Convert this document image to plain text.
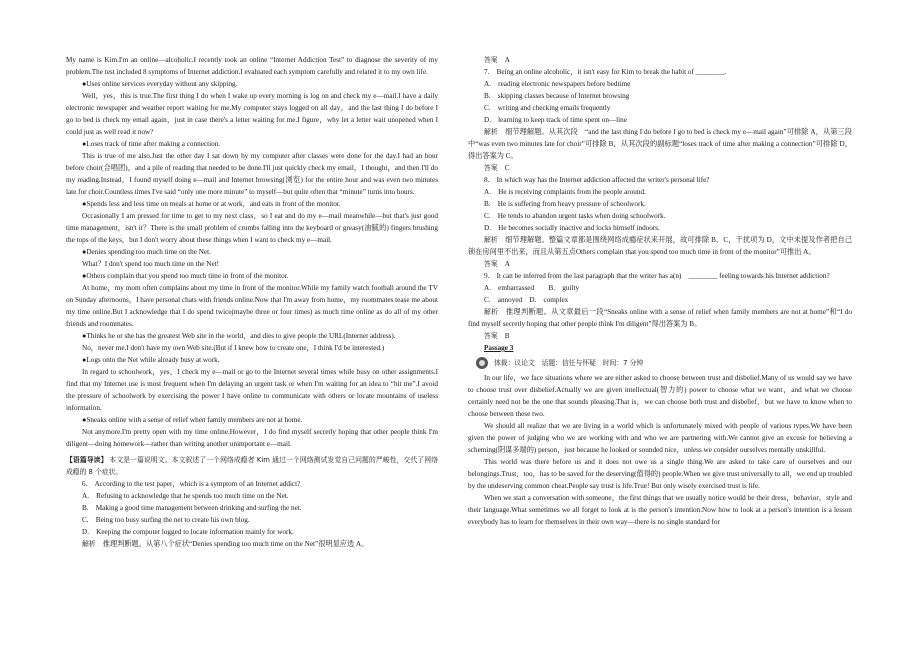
My name is Kim.I'm an online—alcoholic.I recently took an online “Internet Addiction Test” to diagnose the severity of my problem.The test included 8 symptoms of Internet addiction.I evaluated each symptom carefully and related it to my own life.

●Uses online services everyday without any skipping.

Well，yes，this is true.The first thing I do when I wake up every morning is log on and check my e—mail.I have a daily electronic newspaper and weather report waiting for me.My computer stays logged on all day，and the last thing I do before I go to bed is check my email again，just in case there's a letter waiting for me.I figure，why let a letter wait unopened when I could just as well read it now?

●Loses track of time after making a connection.

This is true of me also.Just the other day I sat down by my computer after classes were done for the day.I had an hour before choir(合唱团)，and a pile of reading that needed to be done.I'll just quickly check my email，I thought，and then I'll do my reading.Instead，I found myself doing e—mail and Internet browsing(浏览) for the entire hour and was even two minutes late for choir.Countless times I've said “only one more minute” to myself—but quite often that “minute” turns into hours.

●Spends less and less time on meals at home or at work，and eats in front of the monitor.

Occasionally I am pressed for time to get to my next class，so I eat and do my e—mail meanwhile—but that's just good time management，isn't it？There is the small problem of crumbs falling into the keyboard or greasy(油腻的) fingers brushing the tops of the keys，but I don't worry about these things when I want to check my e—mail.

●Denies spending too much time on the Net.

What？I don't spend too much time on the Net!

●Others complain that you spend too much time in front of the monitor.

At home，my mom often complains about my time in front of the monitor.While my family watch football around the TV on Sunday afternoons，I have personal chats with friends online.Now that I'm away from home，my roommates tease me about my time online.But I acknowledge that I do spend twice(maybe three or four times) as much time online as do all of my other friends and roommates.

●Thinks he or she has the greatest Web site in the world，and dies to give people the URL(Internet address).

No，never me.I don't have my own Web site.(But if I knew how to create one，I think I'd be interested.)

●Logs onto the Net while already busy at work.

In regard to schoolwork，yes，I check my e—mail or go to the Internet several times while busy on other assignments.I find that my Internet use is most frequent when I'm delaying an urgent task or when I'm waiting for an idea to “hit me”.I avoid the pressure of schoolwork by exercising the power I have online to communicate with others or locate mountains of useless information.

●Sneaks online with a sense of relief when family members are not at home.

Not anymore.I'm pretty open with my time online.However，I do find myself secretly hoping that other people think I'm diligent—doing homework—rather than writing another unimportant e—mail.

【语篇导读】 本文是一篇说明文。本文叙述了一个网络成瘾者 Kim 通过一个网络测试发觉自己问题的严峻性，交代了网络成瘾的 8 个症状。

6.　According to the test paper，which is a symptom of an Internet addict?

A.　Refusing to acknowledge that he spends too much time on the Net.

B.　Making a good time management between drinking and surfing the net.

C.　Being too busy surfing the net to create his own blog.

D.　Keeping the computer logged to locate information mainly for work.

解析　 推理判断题。从第八个症状“Denies spending too much time on the Net”很明显应选 A。

答案　 A

7.　Being an online alcoholic，it isn't easy for Kim to break the habit of ________.

A.　reading electronic newspapers before bedtime

B.　skipping classes because of Internet browsing

C.　writing and checking emails frequently

D.　learning to keep track of time spent on—line

解析　 细节理解题。从其次段　“and the last thing I do before I go to bed is check my e—mail again”可排除 A，从第三段中“was even two minutes late for choir”可排除 B，从其次段的副标题“loses track of time after making a connection”可排除 D，得出答案为 C。

答案　 C

8.　In which way has the Internet addiction affected the writer's personal life?

A.　He is receiving complaints from the people around.

B.　He is suffering from heavy pressure of schoolwork.

C.　He tends to abandon urgent tasks when doing schoolwork.

D.　He becomes socially inactive and locks himself indoors.

解析　 细节理解题。整篇文章都是围绕网络成瘾症状来开展，故可排除 B、C，干扰项为 D，文中未提及作者把自己锁在房间里不出来，而且从第五点Others complain that you spend too much time in front of the monitor”可推出 A。

答案　 A

9.　It can be inferred from the last paragraph that the writer has a(n)　________ feeling towards his Internet addiction?

A.　embarrassed　　 B.　guilty

C.　annoyed　 D.　complex

解析　 推理判断题。从文章最后一段“Sneaks online with a sense of relief when family members are not at home”和“I do find myself secretly hoping that other people think I'm diligent”得出答案为 B。

答案　 B

Passage 3

体裁：议论文　话题：信任与怀疑　时间：7 分钟

In our life，we face situations where we are either asked to choose between trust and disbelief.Many of us would say we have to choose trust over disbelief.Actually we are given intellectual(智力的) power to choose what we want，and what we choose certainly need not be the one that sounds pleasing.That is，we can choose both trust and disbelief，but we have to know when to choose between these two.

We should all realize that we are living in a world which is unfortunately mixed with people of various types.We have been given the power of judging who we are working with and who we are partnering with.We cannot give an excuse for believing a scheming(阴谋多端的) person，just because he looked or sounded nice，unless we consider ourselves mentally unskillful.

This world was there before us and it does not owe us a single thing.We are asked to take care of ourselves and our belongings.Trust，too，has to be saved for the deserving(值得的) people.When we give trust universally to all，we end up troubled by the undeserving common cheat.People say trust is life.True! But only wisely exercised trust is life.

When we start a conversation with someone，the first things that we usually notice would be their dress，behavior，style and their language.What sometimes we all forget to look at is the person's intention.Now how to look at a person's intention is a lesson everybody has to learn for themselves in their own way—there is no single standard for
